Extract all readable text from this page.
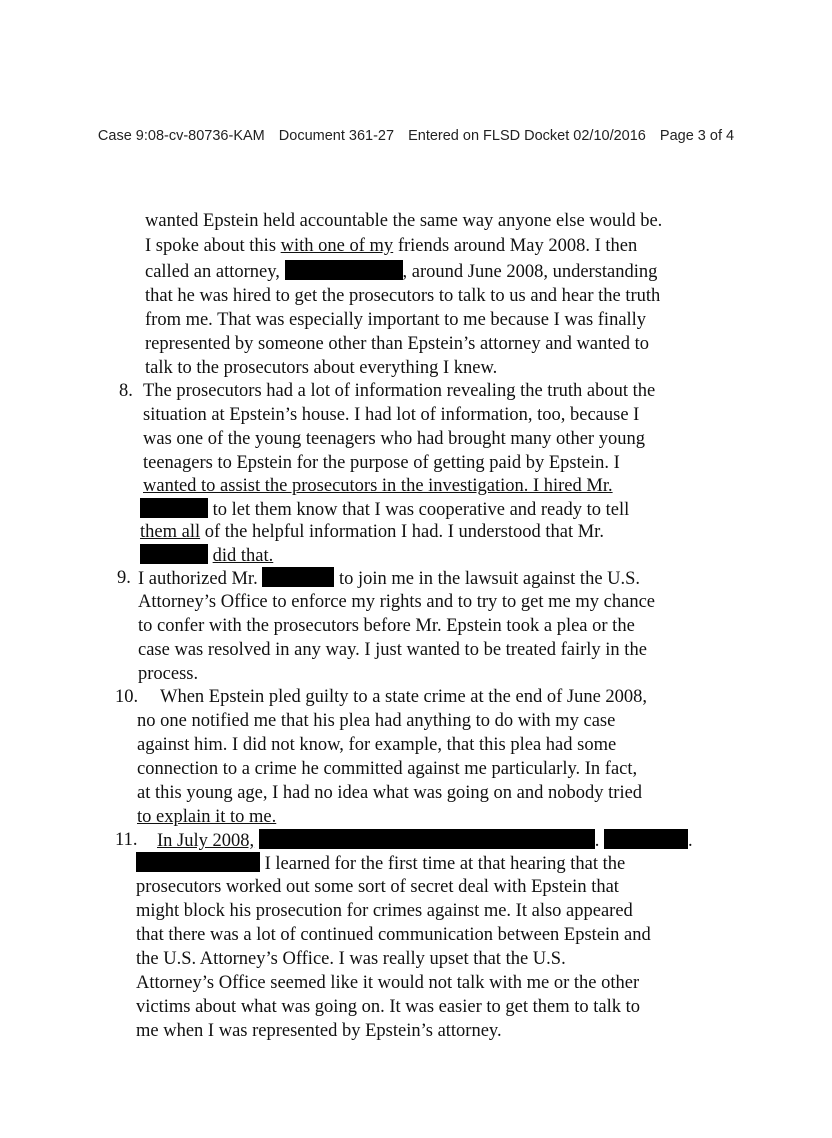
Case 9:08-cv-80736-KAM Document 361-27 Entered on FLSD Docket 02/10/2016 Page 3 of 4
wanted Epstein held accountable the same way anyone else would be.
I spoke about this with one of my friends around May 2008. I then
called an attorney,	, around June 2008, understanding
that he was hired to get the prosecutors to talk to us and hear the truth
from me. That was especially important to me because I was finally
represented by someone other than Epstein’s attorney and wanted to
talk to the prosecutors about everything I knew.
8. The prosecutors had a lot of information revealing the truth about the
situation at Epstein’s house. I had lot of information, too, because I
was one of the young teenagers who had brought many other young
teenagers to Epstein for the purpose of getting paid by Epstein. I
wanted to assist the prosecutors in the investigation. I hired Mr.
to let them know that I was cooperative and ready to tell
them all of the helpful information I had. I understood that Mr.
did that.
9. I authorized Mr.	to join me in the lawsuit against the U.S.
Attorney’s Office to enforce my rights and to try to get me my chance
to confer with the prosecutors before Mr. Epstein took a plea or the
case was resolved in any way. I just wanted to be treated fairly in the
process.
10. When Epstein pled guilty to a state crime at the end of June 2008,
no one notified me that his plea had anything to do with my case
against him. I did not know, for example, that this plea had some
connection to a crime he committed against me particularly. In fact,
at this young age, I had no idea what was going on and nobody tried
to explain it to me.
11. In July 2008,	.	.
I learned for the first time at that hearing that the
prosecutors worked out some sort of secret deal with Epstein that
might block his prosecution for crimes against me. It also appeared
that there was a lot of continued communication between Epstein and
the U.S. Attorney’s Office. I was really upset that the U.S.
Attorney’s Office seemed like it would not talk with me or the other
victims about what was going on. It was easier to get them to talk to
me when I was represented by Epstein’s attorney.
